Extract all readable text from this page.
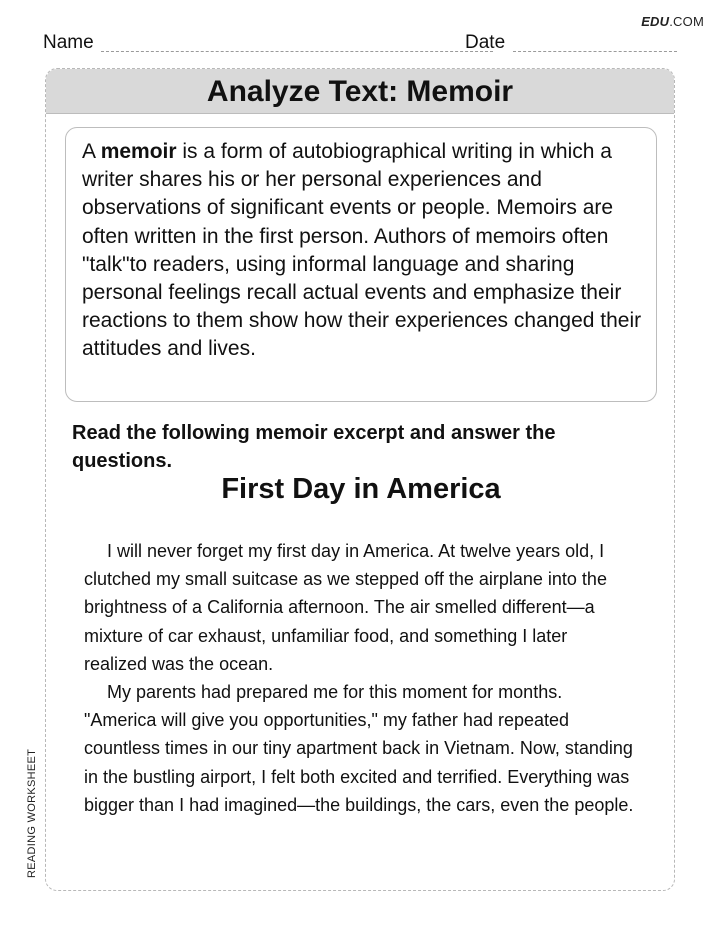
EDU.COM
Name	Date
Analyze Text: Memoir
A memoir is a form of autobiographical writing in which a writer shares his or her personal experiences and observations of significant events or people. Memoirs are often written in the first person. Authors of memoirs often "talk"to readers, using informal language and sharing personal feelings recall actual events and emphasize their reactions to them show how their experiences changed their attitudes and lives.
Read the following memoir excerpt and answer the questions.
First Day in America

I will never forget my first day in America. At twelve years old, I clutched my small suitcase as we stepped off the airplane into the brightness of a California afternoon. The air smelled different—a mixture of car exhaust, unfamiliar food, and something I later realized was the ocean.

My parents had prepared me for this moment for months. "America will give you opportunities," my father had repeated countless times in our tiny apartment back in Vietnam. Now, standing in the bustling airport, I felt both excited and terrified. Everything was bigger than I had imagined—the buildings, the cars, even the people.

READING WORKSHEET
